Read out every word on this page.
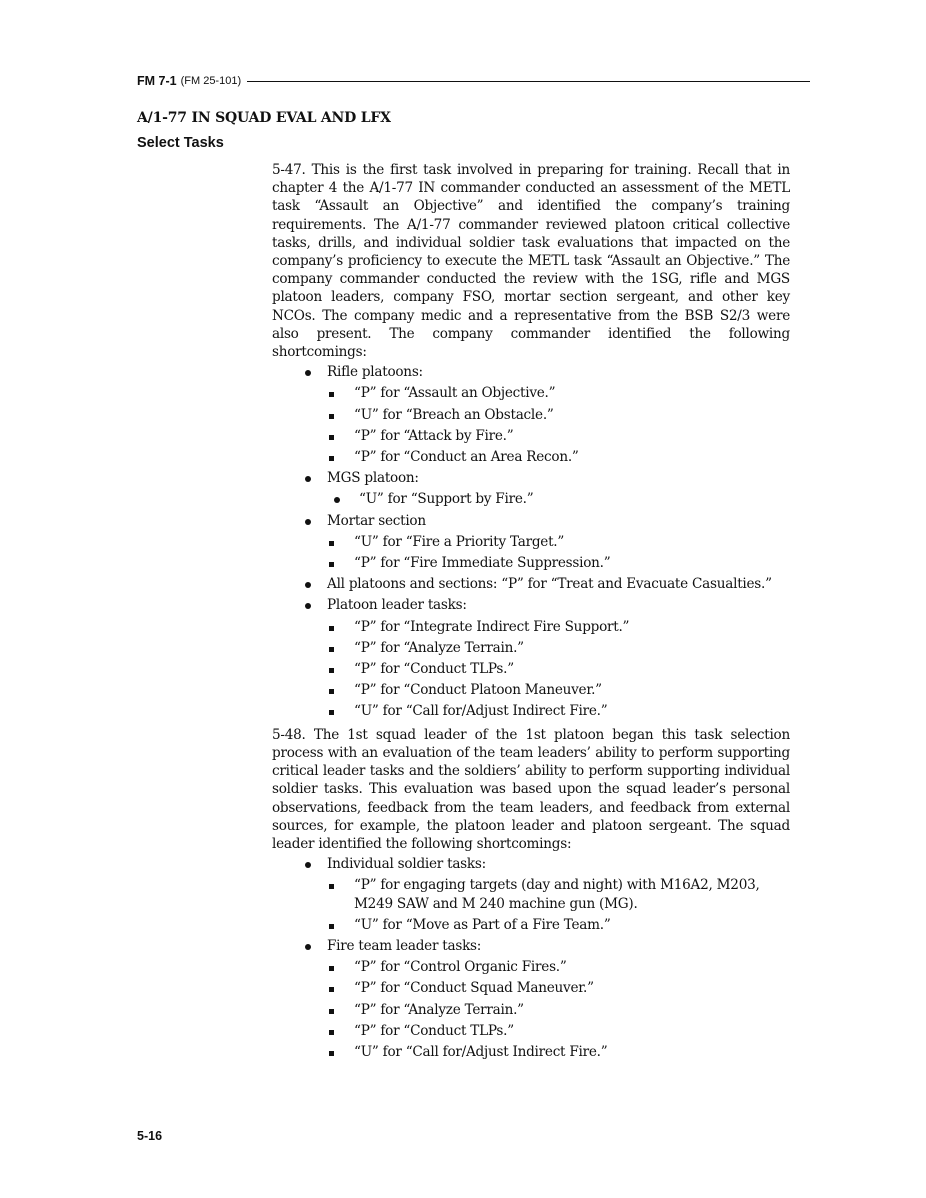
FM 7-1 (FM 25-101)
A/1-77 IN SQUAD EVAL AND LFX
Select Tasks

5-47. This is the first task involved in preparing for training. Recall that in chapter 4 the A/1-77 IN commander conducted an assessment of the METL task “Assault an Objective” and identified the company’s training requirements. The A/1-77 commander reviewed platoon critical collective tasks, drills, and individual soldier task evaluations that impacted on the company’s proficiency to execute the METL task “Assault an Objective.” The company commander conducted the review with the 1SG, rifle and MGS platoon leaders, company FSO, mortar section sergeant, and other key NCOs. The company medic and a representative from the BSB S2/3 were also present. The company commander identified the following shortcomings:

Rifle platoons:
“P” for “Assault an Objective.”
“U” for “Breach an Obstacle.”
“P” for “Attack by Fire.”
“P” for “Conduct an Area Recon.”
MGS platoon:
“U” for “Support by Fire.”
Mortar section
“U” for “Fire a Priority Target.”
“P” for “Fire Immediate Suppression.”
All platoons and sections: “P” for “Treat and Evacuate Casualties.”
Platoon leader tasks:
“P” for “Integrate Indirect Fire Support.”
“P” for “Analyze Terrain.”
“P” for “Conduct TLPs.”
“P” for “Conduct Platoon Maneuver.”
“U” for “Call for/Adjust Indirect Fire.”

5-48. The 1st squad leader of the 1st platoon began this task selection process with an evaluation of the team leaders’ ability to perform supporting critical leader tasks and the soldiers’ ability to perform supporting individual soldier tasks. This evaluation was based upon the squad leader’s personal observations, feedback from the team leaders, and feedback from external sources, for example, the platoon leader and platoon sergeant. The squad leader identified the following shortcomings:

Individual soldier tasks:
“P” for engaging targets (day and night) with M16A2, M203, M249 SAW and M 240 machine gun (MG).
“U” for “Move as Part of a Fire Team.”
Fire team leader tasks:
“P” for “Control Organic Fires.”
“P” for “Conduct Squad Maneuver.”
“P” for “Analyze Terrain.”
“P” for “Conduct TLPs.”
“U” for “Call for/Adjust Indirect Fire.”
5-16
